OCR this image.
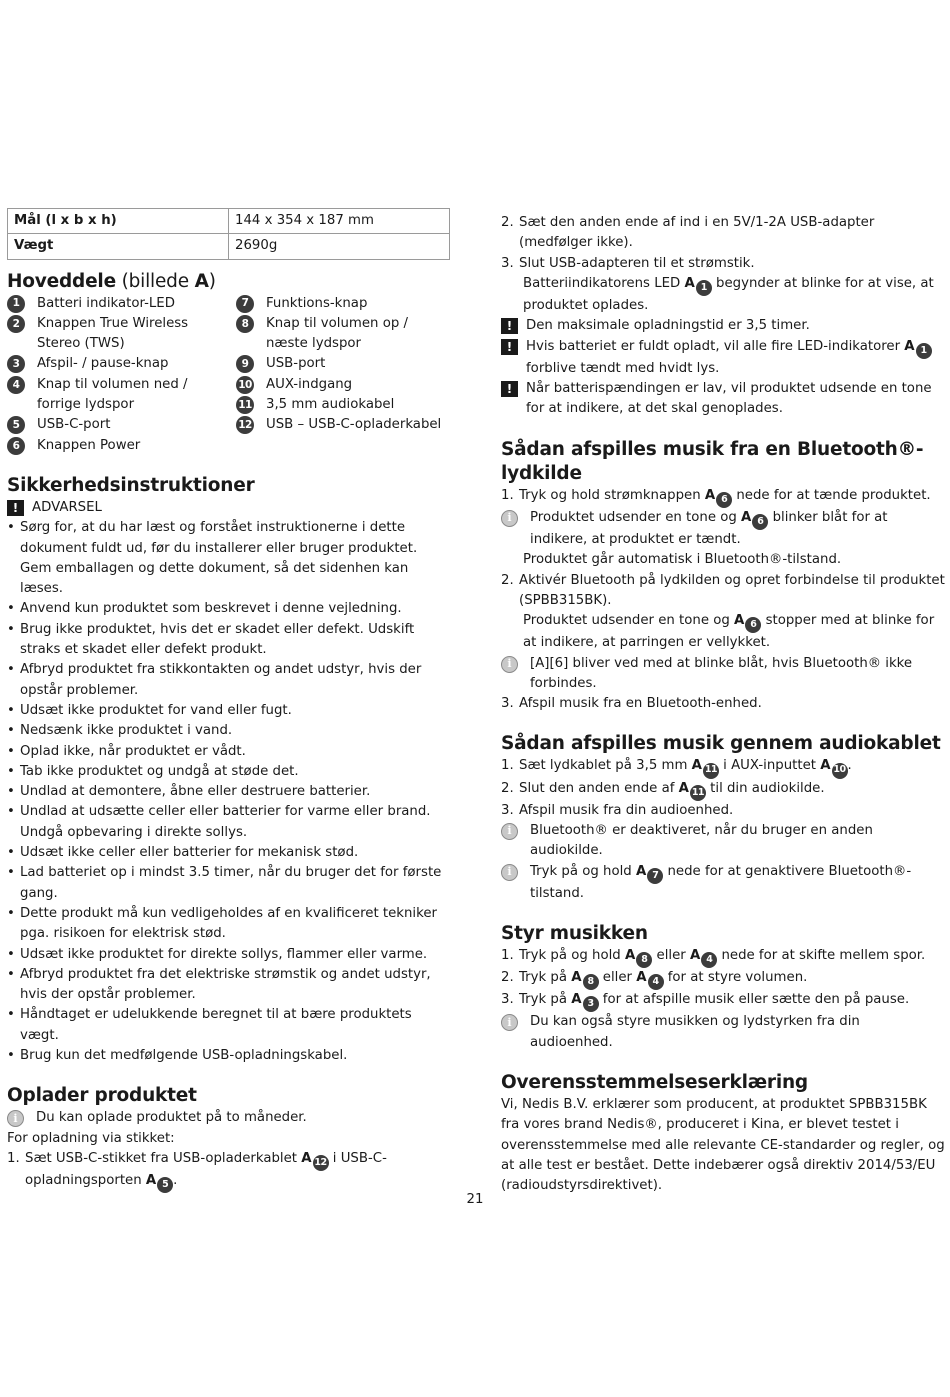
Mål (l x b x h)	144 x 354 x 187 mm
Vægt	2690g
Hoveddele (billede A)
1	Batteri indikator-LED
2	Knappen True Wireless Stereo (TWS)
3	Afspil- / pause-knap
4	Knap til volumen ned / forrige lydspor
5	USB-C-port
6	Knappen Power
7	Funktions-knap
8	Knap til volumen op / næste lydspor
9	USB-port
10 AUX-indgang
11 3,5 mm audiokabel
12 USB – USB-C-opladerkabel
Sikkerhedsinstruktioner
!	ADVARSEL
• Sørg for, at du har læst og forstået instruktionerne i dette dokument fuldt ud, før du installerer eller bruger produktet. Gem emballagen og dette dokument, så det sidenhen kan læses.
• Anvend kun produktet som beskrevet i denne vejledning.
• Brug ikke produktet, hvis det er skadet eller defekt. Udskift straks et skadet eller defekt produkt.
• Afbryd produktet fra stikkontakten og andet udstyr, hvis der opstår problemer.
• Udsæt ikke produktet for vand eller fugt.
• Nedsænk ikke produktet i vand.
• Oplad ikke, når produktet er vådt.
• Tab ikke produktet og undgå at støde det.
• Undlad at demontere, åbne eller destruere batterier.
• Undlad at udsætte celler eller batterier for varme eller brand. Undgå opbevaring i direkte sollys.
• Udsæt ikke celler eller batterier for mekanisk stød.
• Lad batteriet op i mindst 3.5 timer, når du bruger det for første gang.
• Dette produkt må kun vedligeholdes af en kvalificeret tekniker pga. risikoen for elektrisk stød.
• Udsæt ikke produktet for direkte sollys, flammer eller varme.
• Afbryd produktet fra det elektriske strømstik og andet udstyr, hvis der opstår problemer.
• Håndtaget er udelukkende beregnet til at bære produktets vægt.
• Brug kun det medfølgende USB-opladningskabel.
Oplader produktet
i	Du kan oplade produktet på to måneder.
For opladning via stikket:
1. Sæt USB-C-stikket fra USB-opladerkablet A 12 i USB-C-opladningsporten A 5 .
2. Sæt den anden ende af ind i en 5V/1-2A USB-adapter (medfølger ikke).
3. Slut USB-adapteren til et strømstik.
Batteriindikatorens LED A 1 begynder at blinke for at vise, at produktet oplades.
!	Den maksimale opladningstid er 3,5 timer.
!	Hvis batteriet er fuldt opladt, vil alle fire LED-indikatorer A 1 forblive tændt med hvidt lys.
!	Når batterispændingen er lav, vil produktet udsende en tone for at indikere, at det skal genoplades.
Sådan afspilles musik fra en Bluetooth®-lydkilde
1. Tryk og hold strømknappen A 6 nede for at tænde produktet.
i	Produktet udsender en tone og A 6 blinker blåt for at indikere, at produktet er tændt.
Produktet går automatisk i Bluetooth®-tilstand.
2. Aktivér Bluetooth på lydkilden og opret forbindelse til produktet (SPBB315BK).
Produktet udsender en tone og A 6 stopper med at blinke for at indikere, at parringen er vellykket.
i	[A][6] bliver ved med at blinke blåt, hvis Bluetooth® ikke forbindes.
3. Afspil musik fra en Bluetooth-enhed.
Sådan afspilles musik gennem audiokablet
1. Sæt lydkablet på 3,5 mm A 11 i AUX-inputtet A 10 .
2. Slut den anden ende af A 11 til din audiokilde.
3. Afspil musik fra din audioenhed.
i	Bluetooth® er deaktiveret, når du bruger en anden audiokilde.
i	Tryk på og hold A 7 nede for at genaktivere Bluetooth®-tilstand.
Styr musikken
1. Tryk på og hold A 8 eller A 4 nede for at skifte mellem spor.
2. Tryk på A 8 eller A 4 for at styre volumen.
3. Tryk på A 3 for at afspille musik eller sætte den på pause.
i	Du kan også styre musikken og lydstyrken fra din audioenhed.
Overensstemmelseserklæring
Vi, Nedis B.V. erklærer som producent, at produktet SPBB315BK fra vores brand Nedis®, produceret i Kina, er blevet testet i overensstemmelse med alle relevante CE-standarder og regler, og at alle test er bestået. Dette indebærer også direktiv 2014/53/EU (radioudstyrsdirektivet).
21
